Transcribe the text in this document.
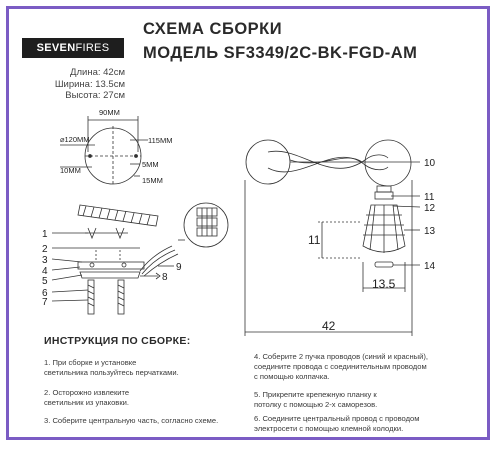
SEVENFIRES
СХЕМА СБОРКИ
МОДЕЛЬ SF3349/2C-BK-FGD-AM
Длина: 42см
Ширина: 13.5см
Высота: 27см
90MM
⌀120MM	115MM
10MM
5MM
15MM
1
2
3
4
5
6
7
8
9
10
11
12
13
14
11
13.5
42
ИНСТРУКЦИЯ ПО СБОРКЕ:
1. При сборке и установке
светильника пользуйтесь перчатками.
2. Осторожно извлеките
светильник из упаковки.
3. Соберите центральную часть, согласно схеме.
4. Соберите 2 пучка проводов (синий и красный),
соедините провода с соединительным проводом
с помощью колпачка.
5. Прикрепите крепежную планку к
потолку с помощью 2-х саморезов.
6. Соедините центральный провод с проводом
электросети с помощью клемной колодки.
